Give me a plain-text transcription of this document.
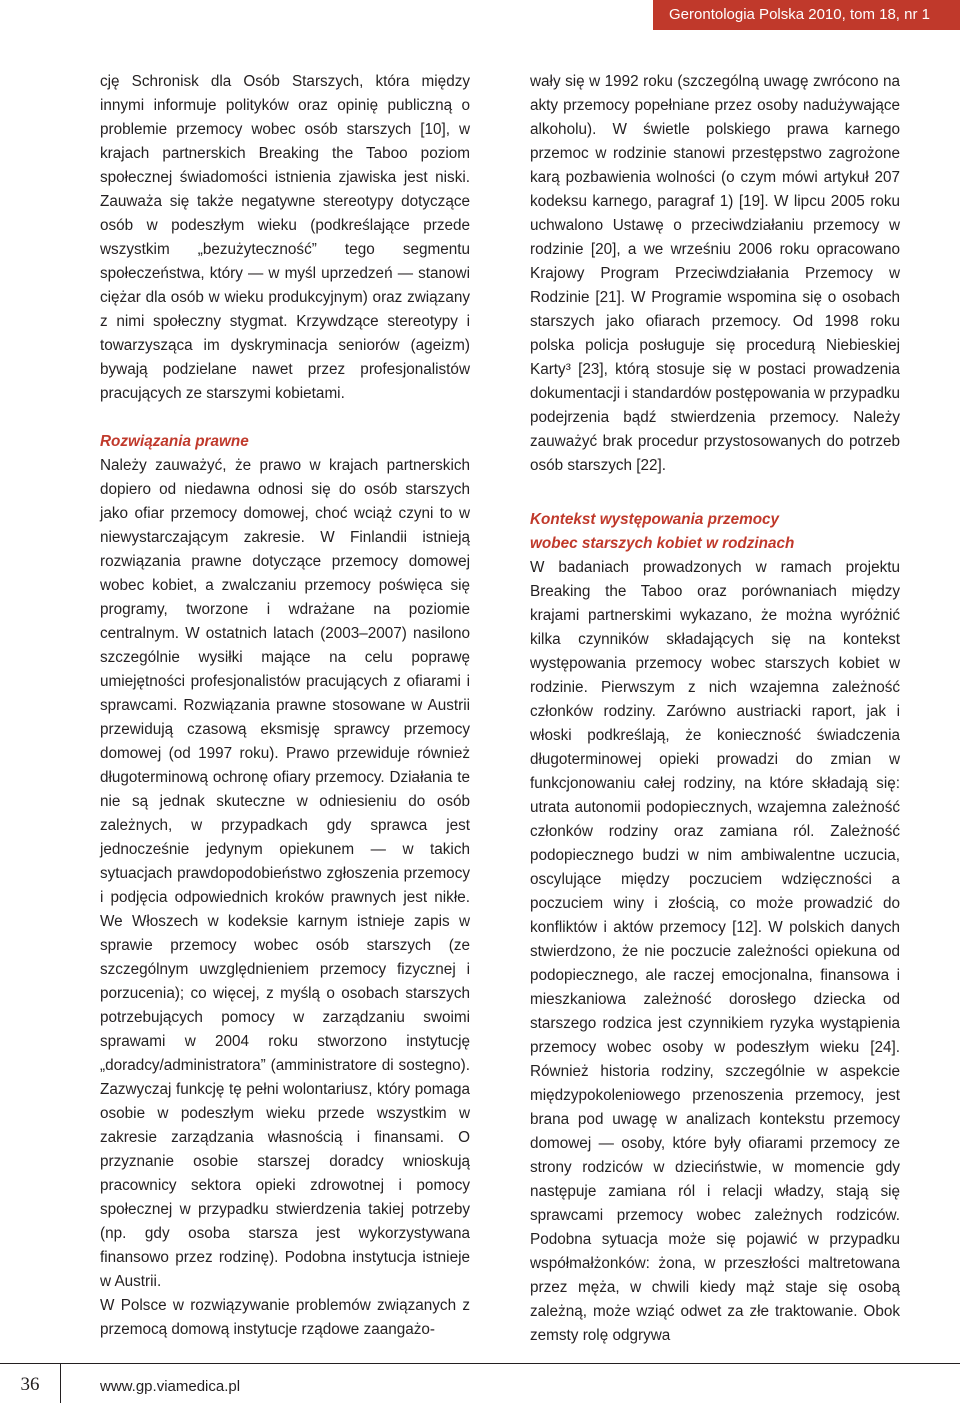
Gerontologia Polska 2010, tom 18, nr 1

cję Schronisk dla Osób Starszych, która między innymi informuje polityków oraz opinię publiczną o problemie przemocy wobec osób starszych [10], w krajach partnerskich Breaking the Taboo poziom społecznej świadomości istnienia zjawiska jest niski. Zauważa się także negatywne stereotypy dotyczące osób w podeszłym wieku (podkreślające przede wszystkim „bezużyteczność” tego segmentu społeczeństwa, który — w myśl uprzedzeń — stanowi ciężar dla osób w wieku produkcyjnym) oraz związany z nimi społeczny stygmat. Krzywdzące stereotypy i towarzysząca im dyskryminacja seniorów (ageizm) bywają podzielane nawet przez profesjonalistów pracujących ze starszymi kobietami.

Rozwiązania prawne

Należy zauważyć, że prawo w krajach partnerskich dopiero od niedawna odnosi się do osób starszych jako ofiar przemocy domowej, choć wciąż czyni to w niewystarczającym zakresie. W Finlandii istnieją rozwiązania prawne dotyczące przemocy domowej wobec kobiet, a zwalczaniu przemocy poświęca się programy, tworzone i wdrażane na poziomie centralnym. W ostatnich latach (2003–2007) nasilono szczególnie wysiłki mające na celu poprawę umiejętności profesjonalistów pracujących z ofiarami i sprawcami. Rozwiązania prawne stosowane w Austrii przewidują czasową eksmisję sprawcy przemocy domowej (od 1997 roku). Prawo przewiduje również długoterminową ochronę ofiary przemocy. Działania te nie są jednak skuteczne w odniesieniu do osób zależnych, w przypadkach gdy sprawca jest jednocześnie jedynym opiekunem — w takich sytuacjach prawdopodobieństwo zgłoszenia przemocy i podjęcia odpowiednich kroków prawnych jest nikłe. We Włoszech w kodeksie karnym istnieje zapis w sprawie przemocy wobec osób starszych (ze szczególnym uwzględnieniem przemocy fizycznej i porzucenia); co więcej, z myślą o osobach starszych potrzebujących pomocy w zarządzaniu swoimi sprawami w 2004 roku stworzono instytucję „doradcy/administratora” (amministratore di sostegno). Zazwyczaj funkcję tę pełni wolontariusz, który pomaga osobie w podeszłym wieku przede wszystkim w zakresie zarządzania własnością i finansami. O przyznanie osobie starszej doradcy wnioskują pracownicy sektora opieki zdrowotnej i pomocy społecznej w przypadku stwierdzenia takiej potrzeby (np. gdy osoba starsza jest wykorzystywana finansowo przez rodzinę). Podobna instytucja istnieje w Austrii.

W Polsce w rozwiązywanie problemów związanych z przemocą domową instytucje rządowe zaangażo-

wały się w 1992 roku (szczególną uwagę zwrócono na akty przemocy popełniane przez osoby nadużywające alkoholu). W świetle polskiego prawa karnego przemoc w rodzinie stanowi przestępstwo zagrożone karą pozbawienia wolności (o czym mówi artykuł 207 kodeksu karnego, paragraf 1) [19]. W lipcu 2005 roku uchwalono Ustawę o przeciwdziałaniu przemocy w rodzinie [20], a we wrześniu 2006 roku opracowano Krajowy Program Przeciwdziałania Przemocy w Rodzinie [21]. W Programie wspomina się o osobach starszych jako ofiarach przemocy. Od 1998 roku polska policja posługuje się procedurą Niebieskiej Karty³ [23], którą stosuje się w postaci prowadzenia dokumentacji i standardów postępowania w przypadku podejrzenia bądź stwierdzenia przemocy. Należy zauważyć brak procedur przystosowanych do potrzeb osób starszych [22].

Kontekst występowania przemocy
wobec starszych kobiet w rodzinach

W badaniach prowadzonych w ramach projektu Breaking the Taboo oraz porównaniach między krajami partnerskimi wykazano, że można wyróżnić kilka czynników składających się na kontekst występowania przemocy wobec starszych kobiet w rodzinie. Pierwszym z nich wzajemna zależność członków rodziny. Zarówno austriacki raport, jak i włoski podkreślają, że konieczność świadczenia długoterminowej opieki prowadzi do zmian w funkcjonowaniu całej rodziny, na które składają się: utrata autonomii podopiecznych, wzajemna zależność członków rodziny oraz zamiana ról. Zależność podopiecznego budzi w nim ambiwalentne uczucia, oscylujące między poczuciem wdzięczności a poczuciem winy i złością, co może prowadzić do konfliktów i aktów przemocy [12]. W polskich danych stwierdzono, że nie poczucie zależności opiekuna od podopiecznego, ale raczej emocjonalna, finansowa i mieszkaniowa zależność dorosłego dziecka od starszego rodzica jest czynnikiem ryzyka wystąpienia przemocy wobec osoby w podeszłym wieku [24]. Również historia rodziny, szczególnie w aspekcie międzypokoleniowego przenoszenia przemocy, jest brana pod uwagę w analizach kontekstu przemocy domowej — osoby, które były ofiarami przemocy ze strony rodziców w dzieciństwie, w momencie gdy następuje zamiana ról i relacji władzy, stają się sprawcami przemocy wobec zależnych rodziców. Podobna sytuacja może się pojawić w przypadku współmałżonków: żona, w przeszłości maltretowana przez męża, w chwili kiedy mąż staje się osobą zależną, może wziąć odwet za złe traktowanie. Obok zemsty rolę odgrywa

36	www.gp.viamedica.pl
